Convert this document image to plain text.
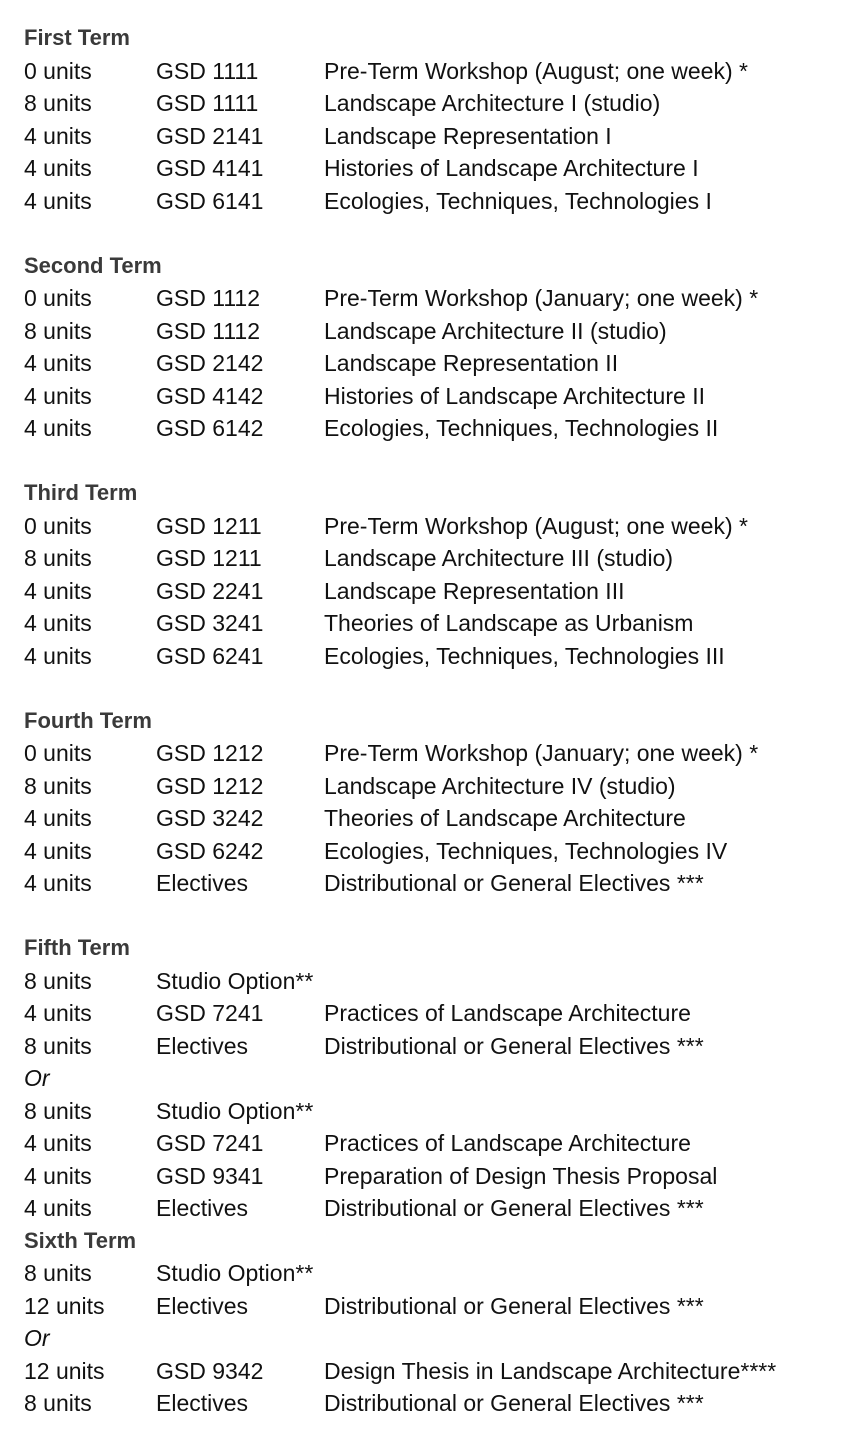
First Term
0 units	GSD 1111	Pre-Term Workshop (August; one week) *
8 units	GSD 1111	Landscape Architecture I (studio)
4 units	GSD 2141	Landscape Representation I
4 units	GSD 4141	Histories of Landscape Architecture I
4 units	GSD 6141	Ecologies, Techniques, Technologies I
Second Term
0 units	GSD 1112	Pre-Term Workshop (January; one week) *
8 units	GSD 1112	Landscape Architecture II (studio)
4 units	GSD 2142	Landscape Representation II
4 units	GSD 4142	Histories of Landscape Architecture II
4 units	GSD 6142	Ecologies, Techniques, Technologies II
Third Term
0 units	GSD 1211	Pre-Term Workshop (August; one week) *
8 units	GSD 1211	Landscape Architecture III (studio)
4 units	GSD 2241	Landscape Representation III
4 units	GSD 3241	Theories of Landscape as Urbanism
4 units	GSD 6241	Ecologies, Techniques, Technologies III
Fourth Term
0 units	GSD 1212	Pre-Term Workshop (January; one week) *
8 units	GSD 1212	Landscape Architecture IV (studio)
4 units	GSD 3242	Theories of Landscape Architecture
4 units	GSD 6242	Ecologies, Techniques, Technologies IV
4 units	Electives	Distributional or General Electives ***
Fifth Term
8 units	Studio Option**
4 units	GSD 7241	Practices of Landscape Architecture
8 units	Electives	Distributional or General Electives ***
Or
8 units	Studio Option**
4 units	GSD 7241	Practices of Landscape Architecture
4 units	GSD 9341	Preparation of Design Thesis Proposal
4 units	Electives	Distributional or General Electives ***
Sixth Term
8 units	Studio Option**
12 units Electives	Distributional or General Electives ***
Or
12 units GSD 9342	Design Thesis in Landscape Architecture****
8 units	Electives	Distributional or General Electives ***
